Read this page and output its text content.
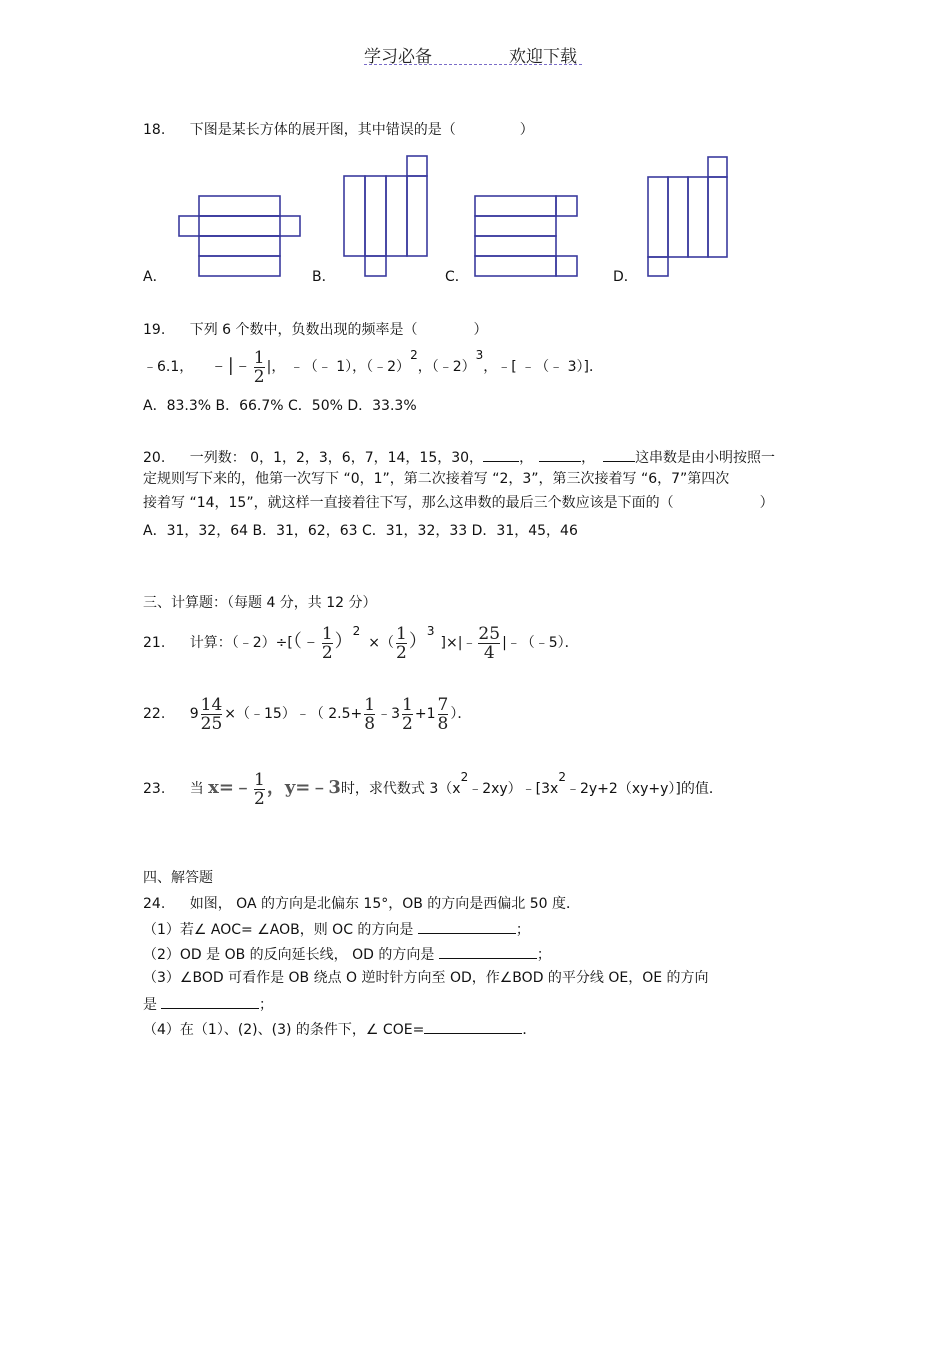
学习必备	欢迎下载
18. 下图是某长方体的展开图，其中错误的是（	）
A．	B．	C．	D．
19. 下列 6 个数中，负数出现的频率是（	）
﹣6.1， ﹣|﹣ $\frac{1}{2}$ |， ﹣（﹣ 1），（﹣2）2，（﹣2）3，﹣[ ﹣（﹣ 3）]．
A．83.3% B．66.7% C．50% D．33.3%
20. 一列数： 0，1，2，3，6，7，14，15，30，	，	，	这串数是由小明按照一
定规则写下来的，他第一次写下 “0，1”，第二次接着写 “2，3”，第三次接着写 “6，7”第四次
接着写 “14，15”，就这样一直接着往下写，那么这串数的最后三个数应该是下面的（	）
A．31，32，64 B．31，62，63 C．31，32，33 D．31，45，46
三、计算题：（每题 4 分，共 12 分）
21. 计算：（﹣2）÷[（﹣ $\frac{1}{2} )2\times( \frac{1}{2}$ ）3]×|﹣ $\frac{25}{4}$ |﹣（﹣5）．
22. $9 \frac{14}{25}$ ×（﹣15）﹣（ $2.5+ \frac{1}{8}$ ﹣3 $\frac{1}{2} +1 \frac{7}{8}$ ）．
23. 当 x=﹣ $\frac{1}{2}$ ，y=﹣3时，求代数式 3（x2﹣2xy）﹣[3x2﹣2y+2（xy+y）]的值．
四、解答题
24. 如图， OA 的方向是北偏东 15°，OB 的方向是西偏北 50 度．
（1）若∠ AOC= ∠AOB，则 OC 的方向是	；
（2）OD 是 OB 的反向延长线， OD 的方向是	；
（3）∠BOD 可看作是 OB 绕点 O 逆时针方向至 OD，作∠BOD 的平分线 OE，OE 的方向
是	；
（4）在（1）、(2)、(3) 的条件下，∠ COE=	．
